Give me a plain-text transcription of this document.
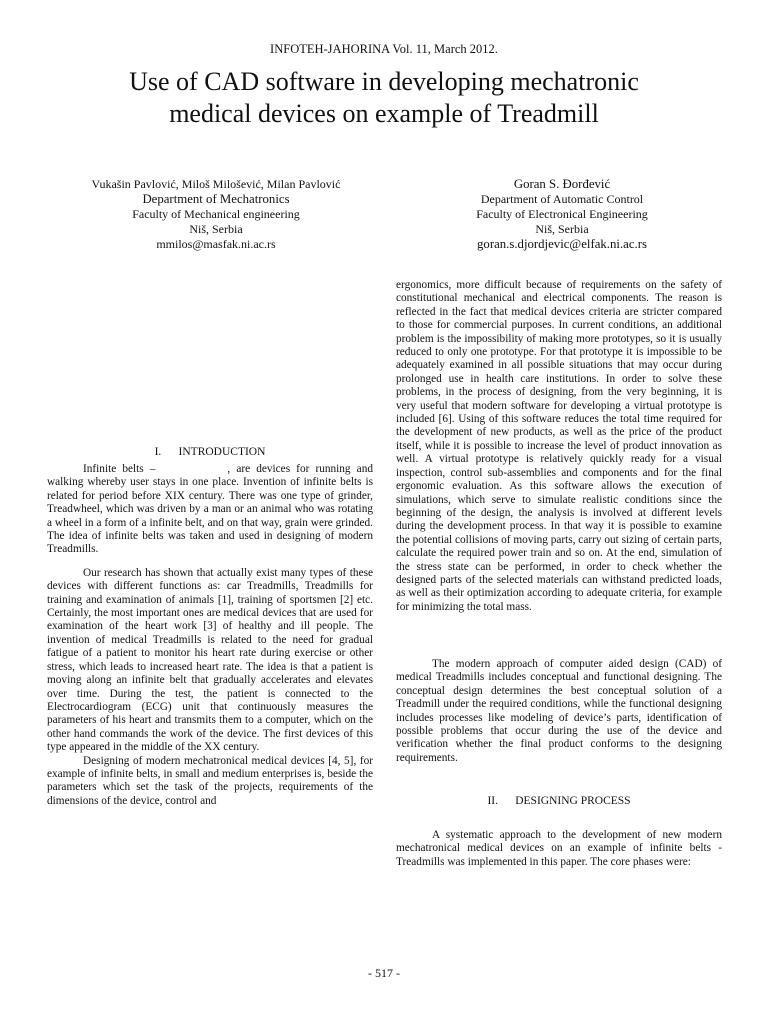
INFOTEH-JAHORINA Vol. 11, March 2012.
Use of CAD software in developing mechatronic
medical devices on example of Treadmill
Vukašin Pavlović, Miloš Milošević, Milan Pavlović
Department of Mechatronics
Faculty of Mechanical engineering
Niš, Serbia
mmilos@masfak.ni.ac.rs
Goran S. Đorđević
Department of Automatic Control
Faculty of Electronical Engineering
Niš, Serbia
goran.s.djordjevic@elfak.ni.ac.rs
I.      INTRODUCTION

Infinite belts –	, are devices for running and walking whereby user stays in one place. Invention of infinite belts is related for period before XIX century. There was one type of grinder, Treadwheel, which was driven by a man or an animal who was rotating a wheel in a form of a infinite belt, and on that way, grain were grinded. The idea of infinite belts was taken and used in designing of modern Treadmills.

Our research has shown that actually exist many types of these devices with different functions as: car Treadmills, Treadmills for training and examination of animals [1], training of sportsmen [2] etc. Certainly, the most important ones are medical devices that are used for examination of the heart work [3] of healthy and ill people. The invention of medical Treadmills is related to the need for gradual fatigue of a patient to monitor his heart rate during exercise or other stress, which leads to increased heart rate. The idea is that a patient is moving along an infinite belt that gradually accelerates and elevates over time. During the test, the patient is connected to the Electrocardiogram (ECG) unit that continuously measures the parameters of his heart and transmits them to a computer, which on the other hand commands the work of the device. The first devices of this type appeared in the middle of the XX century.

Designing of modern mechatronical medical devices [4, 5], for example of infinite belts, in small and medium enterprises is, beside the parameters which set the task of the projects, requirements of the dimensions of the device, control and

ergonomics, more difficult because of requirements on the safety of constitutional mechanical and electrical components. The reason is reflected in the fact that medical devices criteria are stricter compared to those for commercial purposes. In current conditions, an additional problem is the impossibility of making more prototypes, so it is usually reduced to only one prototype. For that prototype it is impossible to be adequately examined in all possible situations that may occur during prolonged use in health care institutions. In order to solve these problems, in the process of designing, from the very beginning, it is very useful that modern software for developing a virtual prototype is included [6]. Using of this software reduces the total time required for the development of new products, as well as the price of the product itself, while it is possible to increase the level of product innovation as well. A virtual prototype is relatively quickly ready for a visual inspection, control sub-assemblies and components and for the final ergonomic evaluation. As this software allows the execution of simulations, which serve to simulate realistic conditions since the beginning of the design, the analysis is involved at different levels during the development process. In that way it is possible to examine the potential collisions of moving parts, carry out sizing of certain parts, calculate the required power train and so on. At the end, simulation of the stress state can be performed, in order to check whether the designed parts of the selected materials can withstand predicted loads, as well as their optimization according to adequate criteria, for example for minimizing the total mass.

The modern approach of computer aided design (CAD) of medical Treadmills includes conceptual and functional designing. The conceptual design determines the best conceptual solution of a Treadmill under the required conditions, while the functional designing includes processes like modeling of device’s parts, identification of possible problems that occur during the use of the device and verification whether the final product conforms to the designing requirements.

II.      DESIGNING PROCESS

A systematic approach to the development of new modern mechatronical medical devices on an example of infinite belts - Treadmills was implemented in this paper. The core phases were:

- 517 -
